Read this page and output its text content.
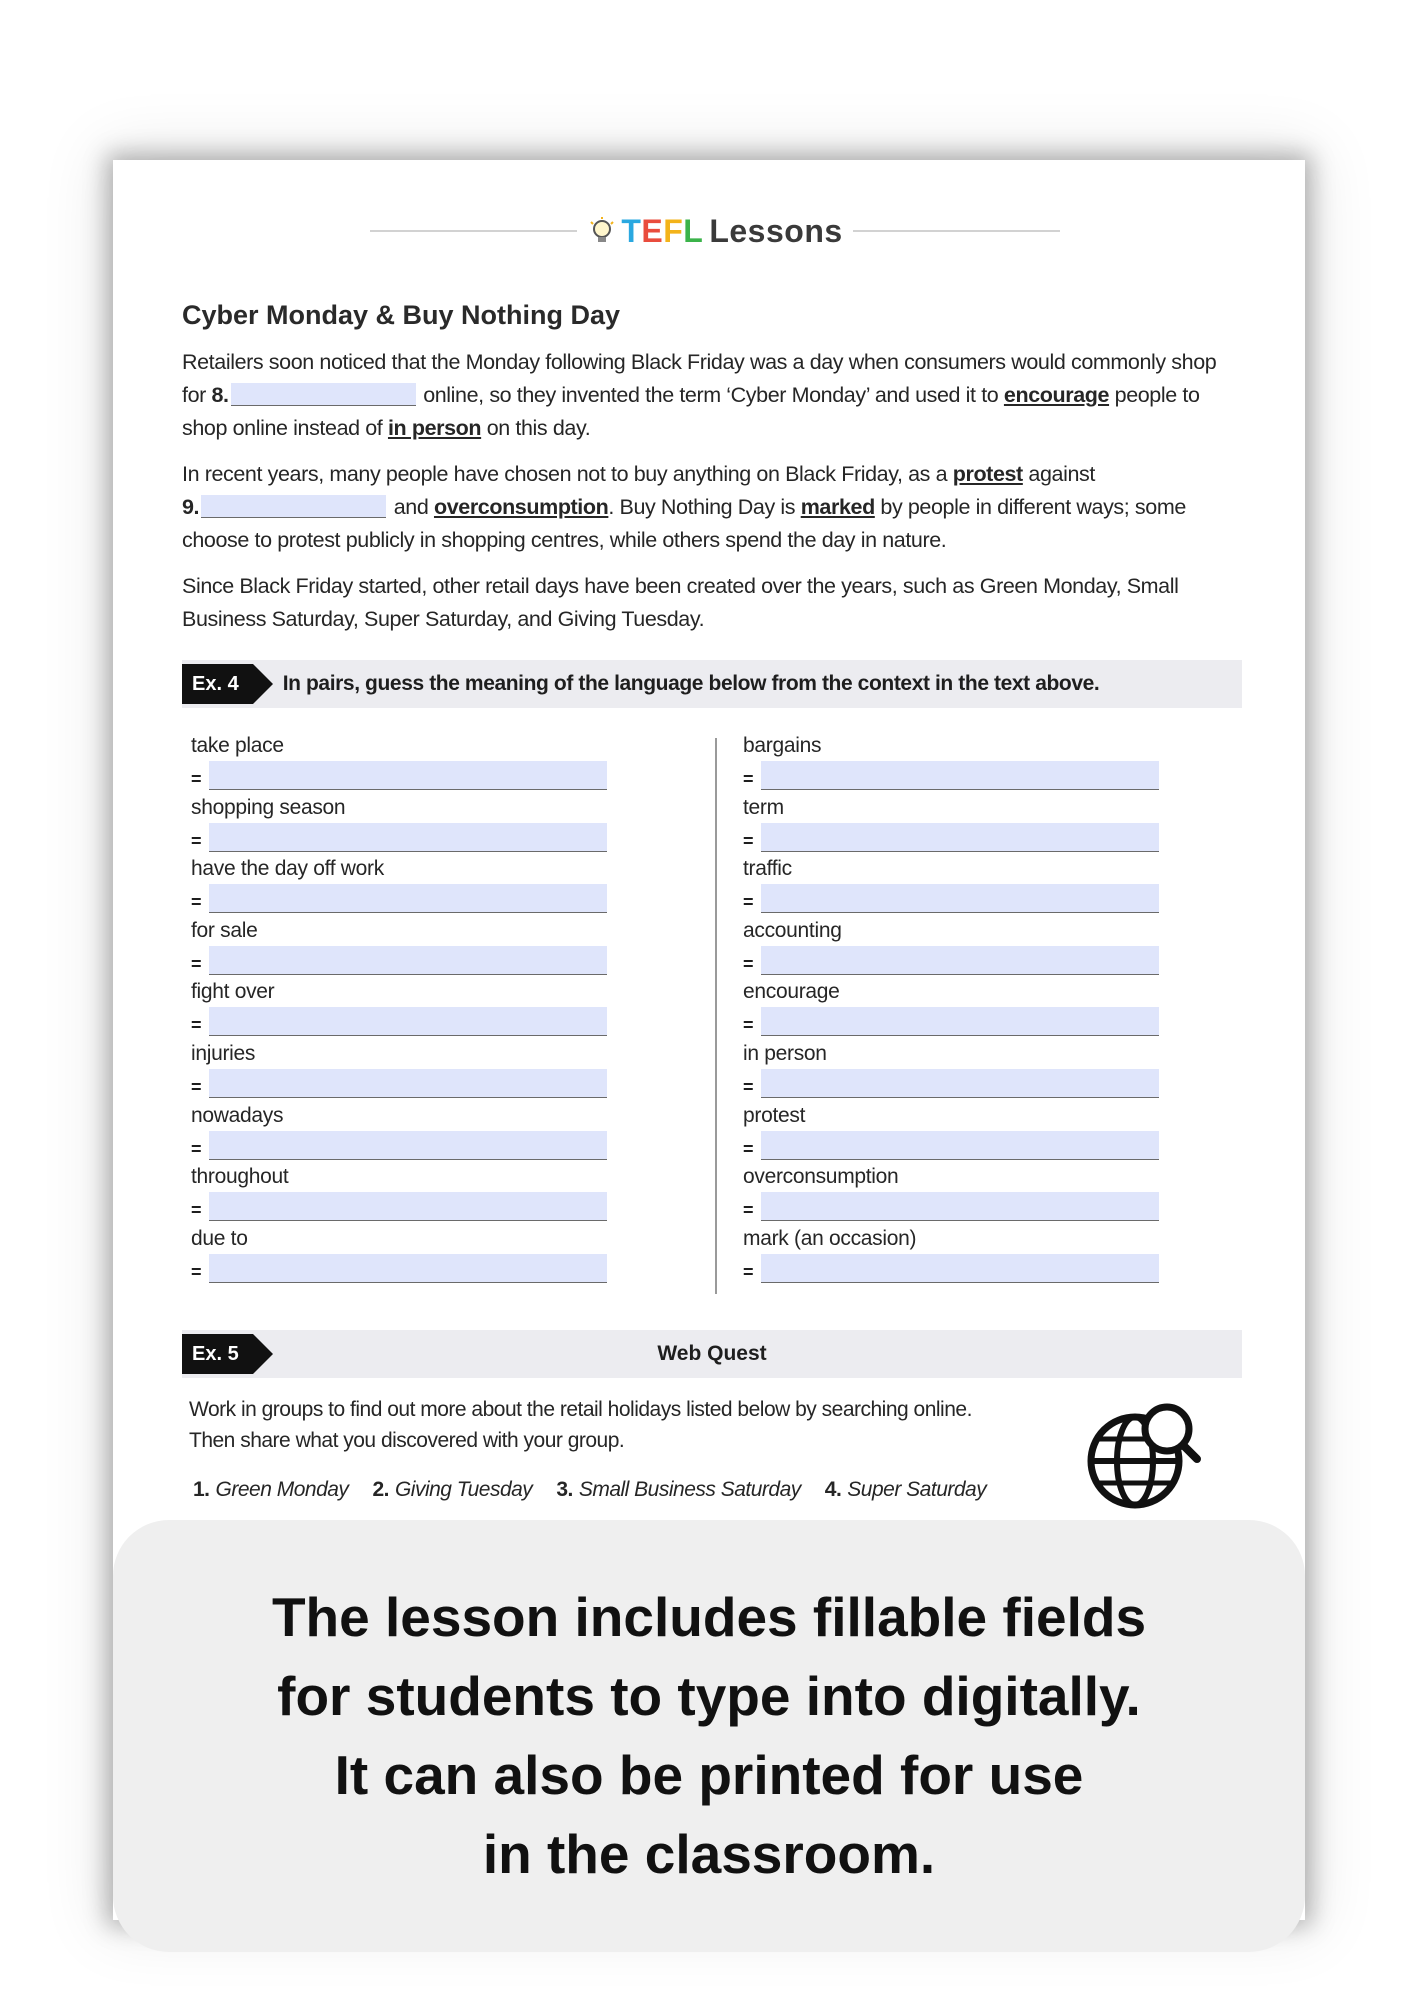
T E F L Lessons
Cyber Monday & Buy Nothing Day
Retailers soon noticed that the Monday following Black Friday was a day when consumers would commonly shop for 8.	online, so they invented the term ‘Cyber Monday’ and used it to encourage people to shop online instead of in person on this day.
In recent years, many people have chosen not to buy anything on Black Friday, as a protest against
9.	and overconsumption. Buy Nothing Day is marked by people in different ways; some choose to protest publicly in shopping centres, while others spend the day in nature.
Since Black Friday started, other retail days have been created over the years, such as Green Monday, Small Business Saturday, Super Saturday, and Giving Tuesday.
Ex. 4	In pairs, guess the meaning of the language below from the context in the text above.
take place
=
shopping season
=
have the day off work
=
for sale
=
fight over
=
injuries
=
nowadays
=
throughout
=
due to
=
bargains
=
term
=
traffic
=
accounting
=
encourage
=
in person
=
protest
=
overconsumption
=
mark (an occasion)
=
Ex. 5	Web Quest
Work in groups to find out more about the retail holidays listed below by searching online.
Then share what you discovered with your group.
1. Green Monday 2. Giving Tuesday 3. Small Business Saturday 4. Super Saturday

The lesson includes fillable fields
for students to type into digitally.
It can also be printed for use
in the classroom.
